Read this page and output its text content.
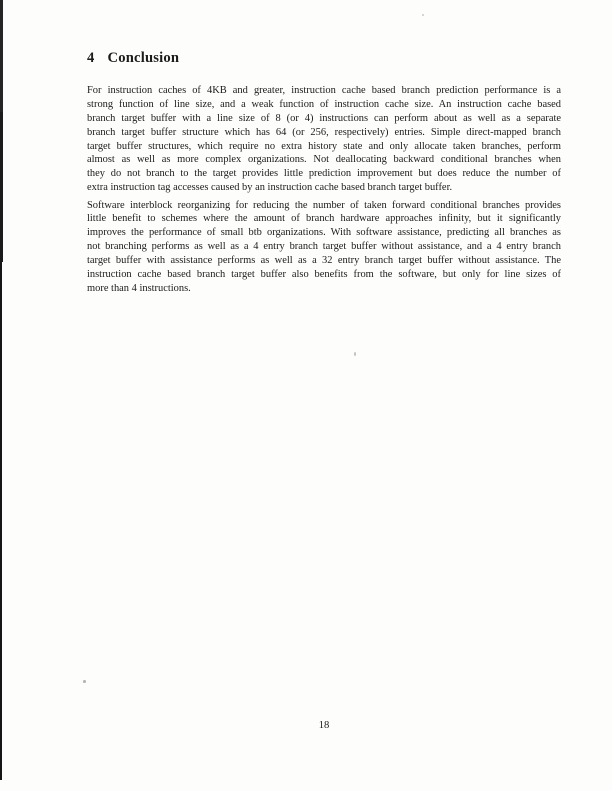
4 Conclusion
For instruction caches of 4KB and greater, instruction cache based branch prediction performance is a
strong function of line size, and a weak function of instruction cache size. An instruction cache based
branch target buffer with a line size of 8 (or 4) instructions can perform about as well as a separate
branch target buffer structure which has 64 (or 256, respectively) entries. Simple direct-mapped branch
target buffer structures, which require no extra history state and only allocate taken branches, perform
almost as well as more complex organizations. Not deallocating backward conditional branches when
they do not branch to the target provides little prediction improvement but does reduce the number of
extra instruction tag accesses caused by an instruction cache based branch target buffer.
Software interblock reorganizing for reducing the number of taken forward conditional branches provides
little benefit to schemes where the amount of branch hardware approaches infinity, but it significantly
improves the performance of small btb organizations. With software assistance, predicting all branches as
not branching performs as well as a 4 entry branch target buffer without assistance, and a 4 entry branch
target buffer with assistance performs as well as a 32 entry branch target buffer without assistance. The
instruction cache based branch target buffer also benefits from the software, but only for line sizes of
more than 4 instructions.
18
